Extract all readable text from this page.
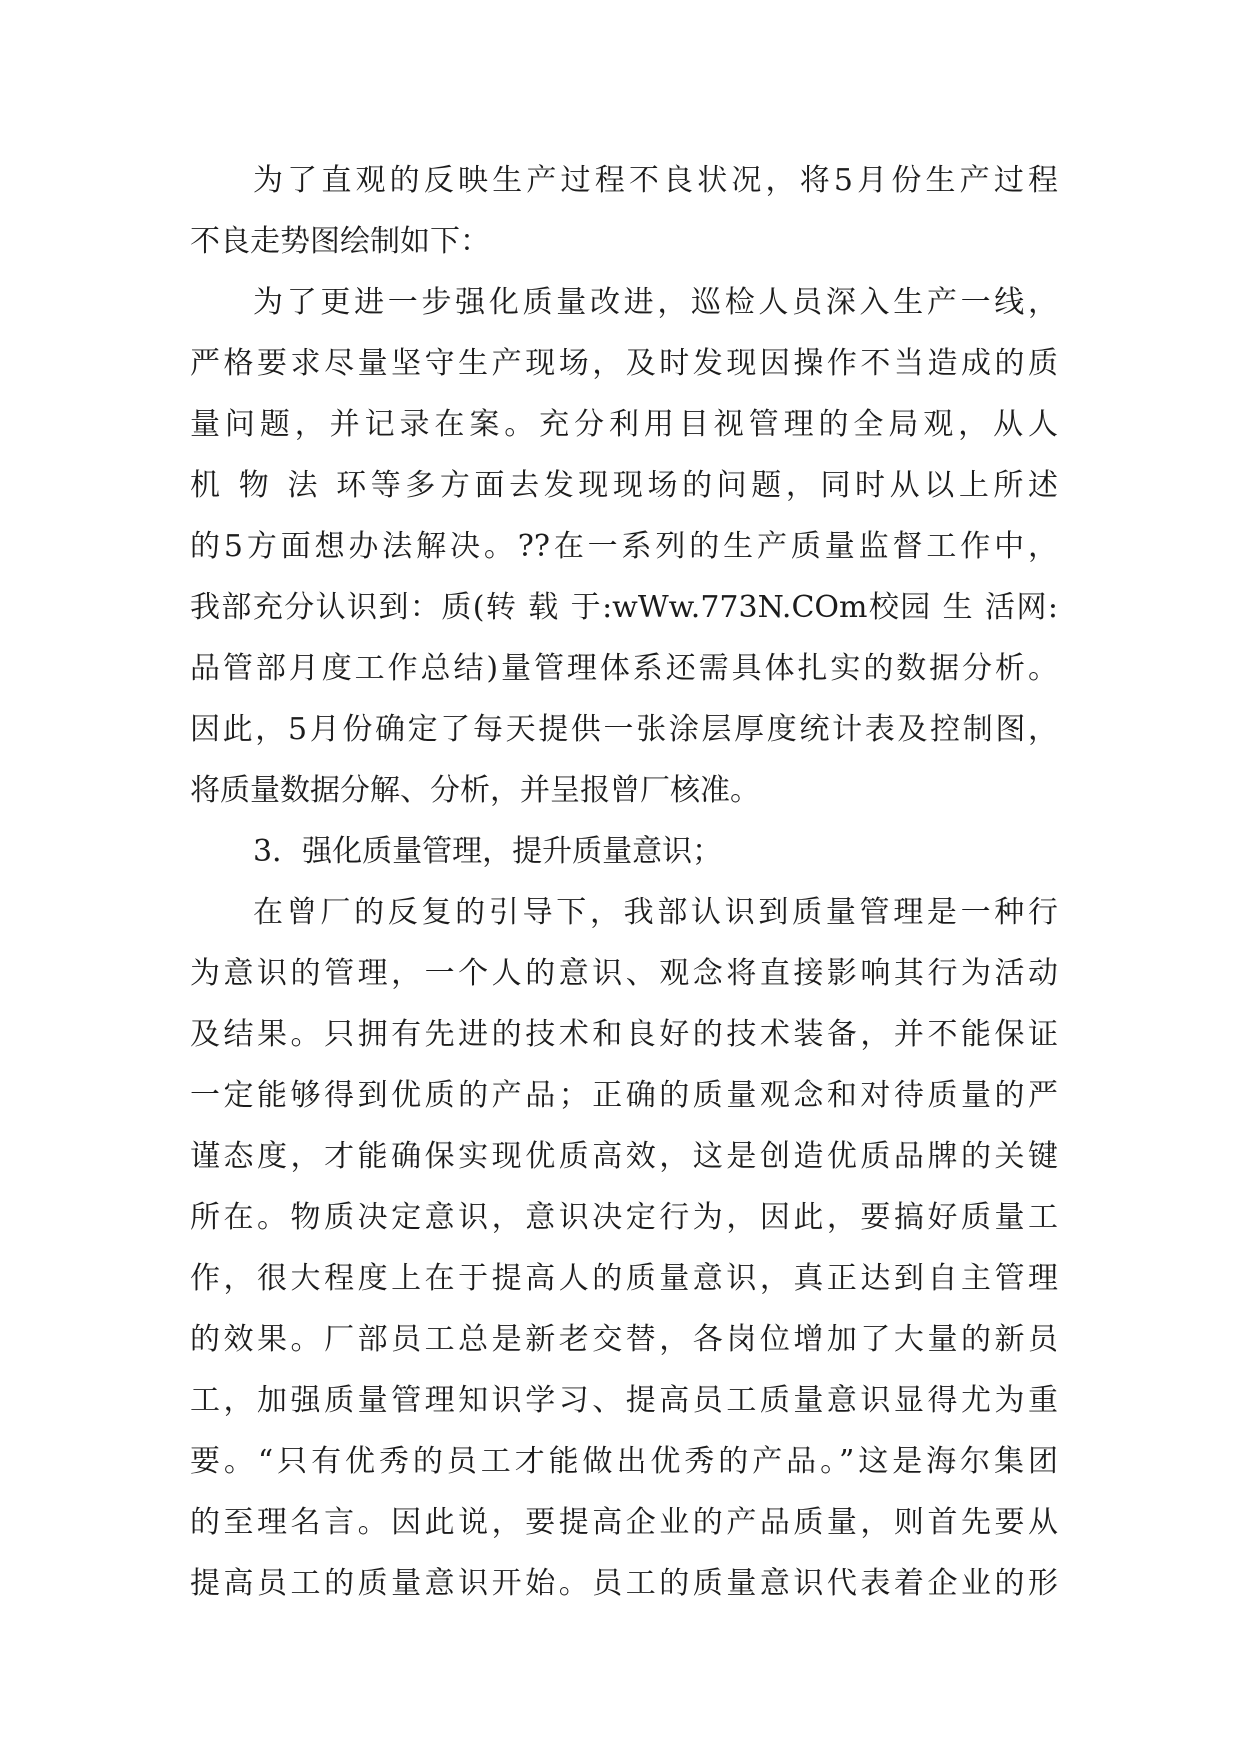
为了直观的反映生产过程不良状况，将5月份生产过程
不良走势图绘制如下：
为了更进一步强化质量改进，巡检人员深入生产一线，
严格要求尽量坚守生产现场，及时发现因操作不当造成的质
量问题，并记录在案。充分利用目视管理的全局观，从人
机 物 法 环等多方面去发现现场的问题，同时从以上所述
的5方面想办法解决。??在一系列的生产质量监督工作中，
我部充分认识到：质(转 载 于:wWw.773N.COm校园 生 活网:
品管部月度工作总结)量管理体系还需具体扎实的数据分析。
因此，5月份确定了每天提供一张涂层厚度统计表及控制图，
将质量数据分解、分析，并呈报曾厂核准。
3．强化质量管理，提升质量意识；
在曾厂的反复的引导下，我部认识到质量管理是一种行
为意识的管理，一个人的意识、观念将直接影响其行为活动
及结果。只拥有先进的技术和良好的技术装备，并不能保证
一定能够得到优质的产品；正确的质量观念和对待质量的严
谨态度，才能确保实现优质高效，这是创造优质品牌的关键
所在。物质决定意识，意识决定行为，因此，要搞好质量工
作，很大程度上在于提高人的质量意识，真正达到自主管理
的效果。厂部员工总是新老交替，各岗位增加了大量的新员
工，加强质量管理知识学习、提高员工质量意识显得尤为重
要。“只有优秀的员工才能做出优秀的产品。”这是海尔集团
的至理名言。因此说，要提高企业的产品质量，则首先要从
提高员工的质量意识开始。员工的质量意识代表着企业的形
